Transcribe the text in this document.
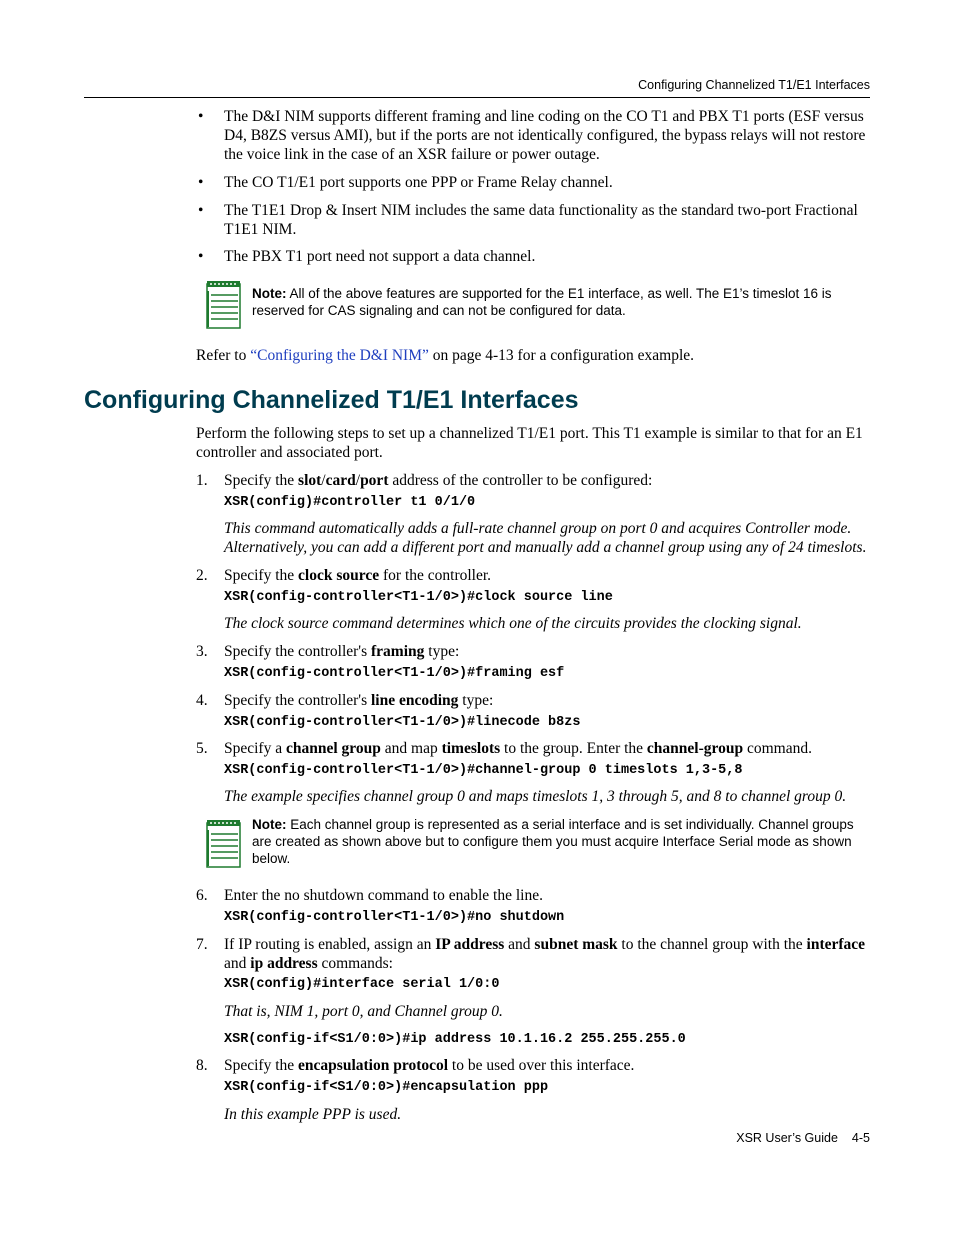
Configuring Channelized T1/E1 Interfaces
• The D&I NIM supports different framing and line coding on the CO T1 and PBX T1 ports (ESF versus D4, B8ZS versus AMI), but if the ports are not identically configured, the bypass relays will not restore the voice link in the case of an XSR failure or power outage.
• The CO T1/E1 port supports one PPP or Frame Relay channel.
• The T1E1 Drop & Insert NIM includes the same data functionality as the standard two-port Fractional T1E1 NIM.
• The PBX T1 port need not support a data channel.
Note: All of the above features are supported for the E1 interface, as well. The E1’s timeslot 16 is reserved for CAS signaling and can not be configured for data.
Refer to “Configuring the D&I NIM” on page 4-13 for a configuration example.
Configuring Channelized T1/E1 Interfaces
Perform the following steps to set up a channelized T1/E1 port. This T1 example is similar to that for an E1 controller and associated port.
1. Specify the slot/card/port address of the controller to be configured:
XSR(config)#controller t1 0/1/0
This command automatically adds a full-rate channel group on port 0 and acquires Controller mode. Alternatively, you can add a different port and manually add a channel group using any of 24 timeslots.
2. Specify the clock source for the controller.
XSR(config-controller<T1-1/0>)#clock source line
The clock source command determines which one of the circuits provides the clocking signal.
3. Specify the controller's framing type:
XSR(config-controller<T1-1/0>)#framing esf
4. Specify the controller's line encoding type:
XSR(config-controller<T1-1/0>)#linecode b8zs
5. Specify a channel group and map timeslots to the group. Enter the channel-group command.
XSR(config-controller<T1-1/0>)#channel-group 0 timeslots 1,3-5,8
The example specifies channel group 0 and maps timeslots 1, 3 through 5, and 8 to channel group 0.
Note: Each channel group is represented as a serial interface and is set individually. Channel groups are created as shown above but to configure them you must acquire Interface Serial mode as shown below.
6. Enter the no shutdown command to enable the line.
XSR(config-controller<T1-1/0>)#no shutdown
7. If IP routing is enabled, assign an IP address and subnet mask to the channel group with the interface and ip address commands:
XSR(config)#interface serial 1/0:0
That is, NIM 1, port 0, and Channel group 0.
XSR(config-if<S1/0:0>)#ip address 10.1.16.2 255.255.255.0
8. Specify the encapsulation protocol to be used over this interface.
XSR(config-if<S1/0:0>)#encapsulation ppp
In this example PPP is used.
XSR User’s Guide 4-5
